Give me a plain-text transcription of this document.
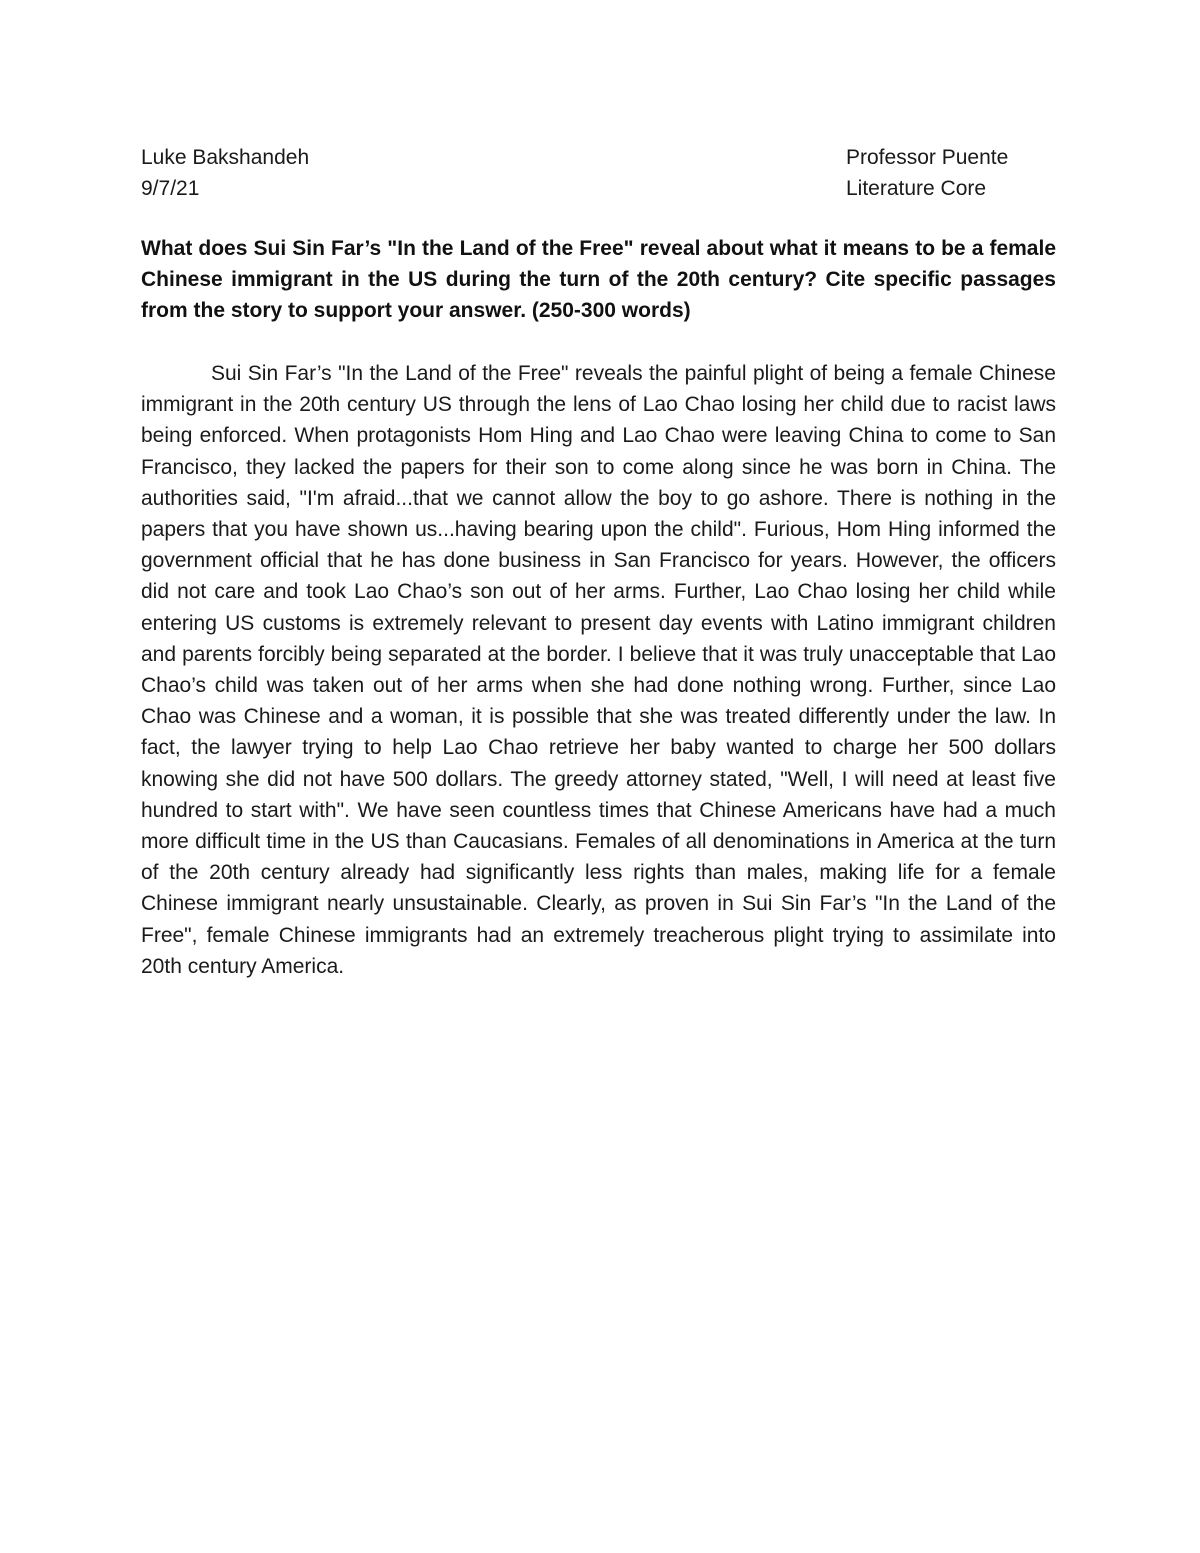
Luke Bakshandeh
9/7/21
Professor Puente
Literature Core

What does Sui Sin Far’s "In the Land of the Free" reveal about what it means to be a female Chinese immigrant in the US during the turn of the 20th century? Cite specific passages from the story to support your answer. (250-300 words)

Sui Sin Far’s "In the Land of the Free" reveals the painful plight of being a female Chinese immigrant in the 20th century US through the lens of Lao Chao losing her child due to racist laws being enforced. When protagonists Hom Hing and Lao Chao were leaving China to come to San Francisco, they lacked the papers for their son to come along since he was born in China. The authorities said, "I'm afraid...that we cannot allow the boy to go ashore. There is nothing in the papers that you have shown us...having bearing upon the child". Furious, Hom Hing informed the government official that he has done business in San Francisco for years. However, the officers did not care and took Lao Chao’s son out of her arms. Further, Lao Chao losing her child while entering US customs is extremely relevant to present day events with Latino immigrant children and parents forcibly being separated at the border. I believe that it was truly unacceptable that Lao Chao’s child was taken out of her arms when she had done nothing wrong. Further, since Lao Chao was Chinese and a woman, it is possible that she was treated differently under the law. In fact, the lawyer trying to help Lao Chao retrieve her baby wanted to charge her 500 dollars knowing she did not have 500 dollars. The greedy attorney stated, "Well, I will need at least five hundred to start with". We have seen countless times that Chinese Americans have had a much more difficult time in the US than Caucasians. Females of all denominations in America at the turn of the 20th century already had significantly less rights than males, making life for a female Chinese immigrant nearly unsustainable. Clearly, as proven in Sui Sin Far’s "In the Land of the Free", female Chinese immigrants had an extremely treacherous plight trying to assimilate into 20th century America.
